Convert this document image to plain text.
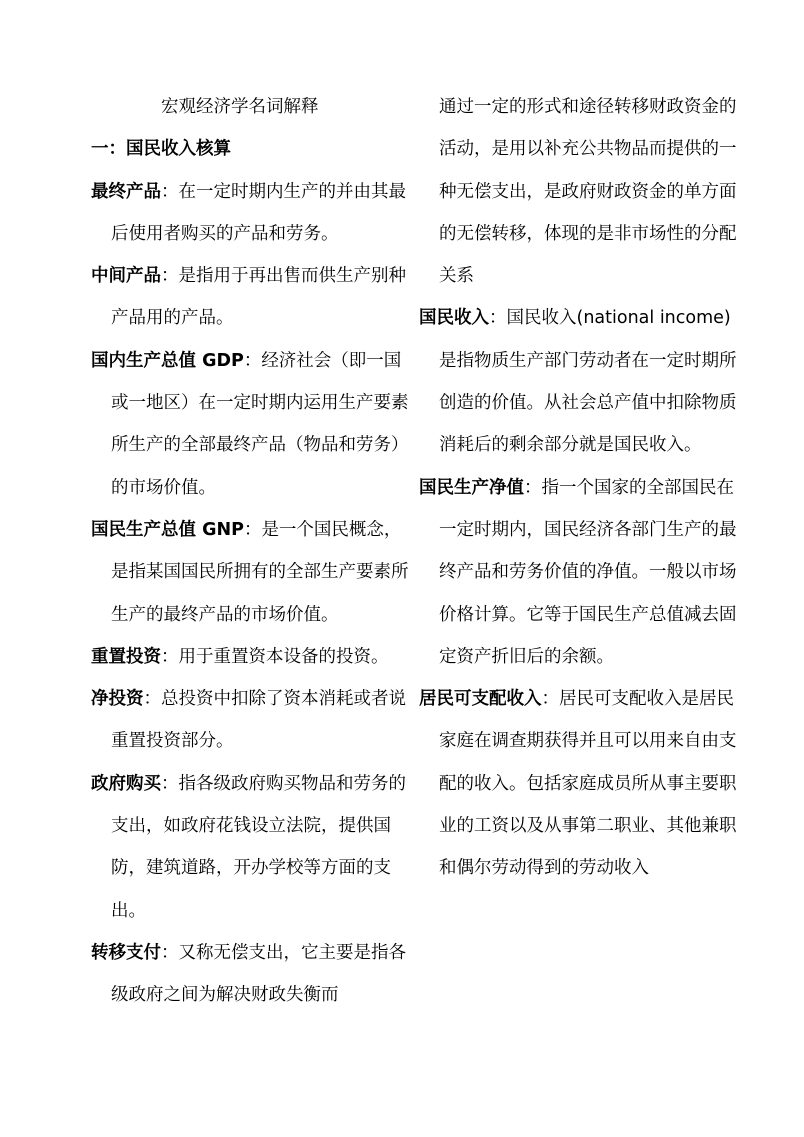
宏观经济学名词解释
一：国民收入核算
最终产品：在一定时期内生产的并由其最后使用者购买的产品和劳务。
中间产品：是指用于再出售而供生产别种产品用的产品。
国内生产总值 GDP：经济社会（即一国或一地区）在一定时期内运用生产要素所生产的全部最终产品（物品和劳务）的市场价值。
国民生产总值 GNP：是一个国民概念，是指某国国民所拥有的全部生产要素所生产的最终产品的市场价值。
重置投资：用于重置资本设备的投资。
净投资：总投资中扣除了资本消耗或者说重置投资部分。
政府购买：指各级政府购买物品和劳务的支出，如政府花钱设立法院，提供国防，建筑道路，开办学校等方面的支出。
转移支付：又称无偿支出，它主要是指各级政府之间为解决财政失衡而
通过一定的形式和途径转移财政资金的活动，是用以补充公共物品而提供的一种无偿支出，是政府财政资金的单方面的无偿转移，体现的是非市场性的分配关系
国民收入：国民收入(national income)是指物质生产部门劳动者在一定时期所创造的价值。从社会总产值中扣除物质消耗后的剩余部分就是国民收入。
国民生产净值：指一个国家的全部国民在一定时期内，国民经济各部门生产的最终产品和劳务价值的净值。一般以市场价格计算。它等于国民生产总值减去固定资产折旧后的余额。
居民可支配收入：居民可支配收入是居民家庭在调查期获得并且可以用来自由支配的收入。包括家庭成员所从事主要职业的工资以及从事第二职业、其他兼职和偶尔劳动得到的劳动收入
